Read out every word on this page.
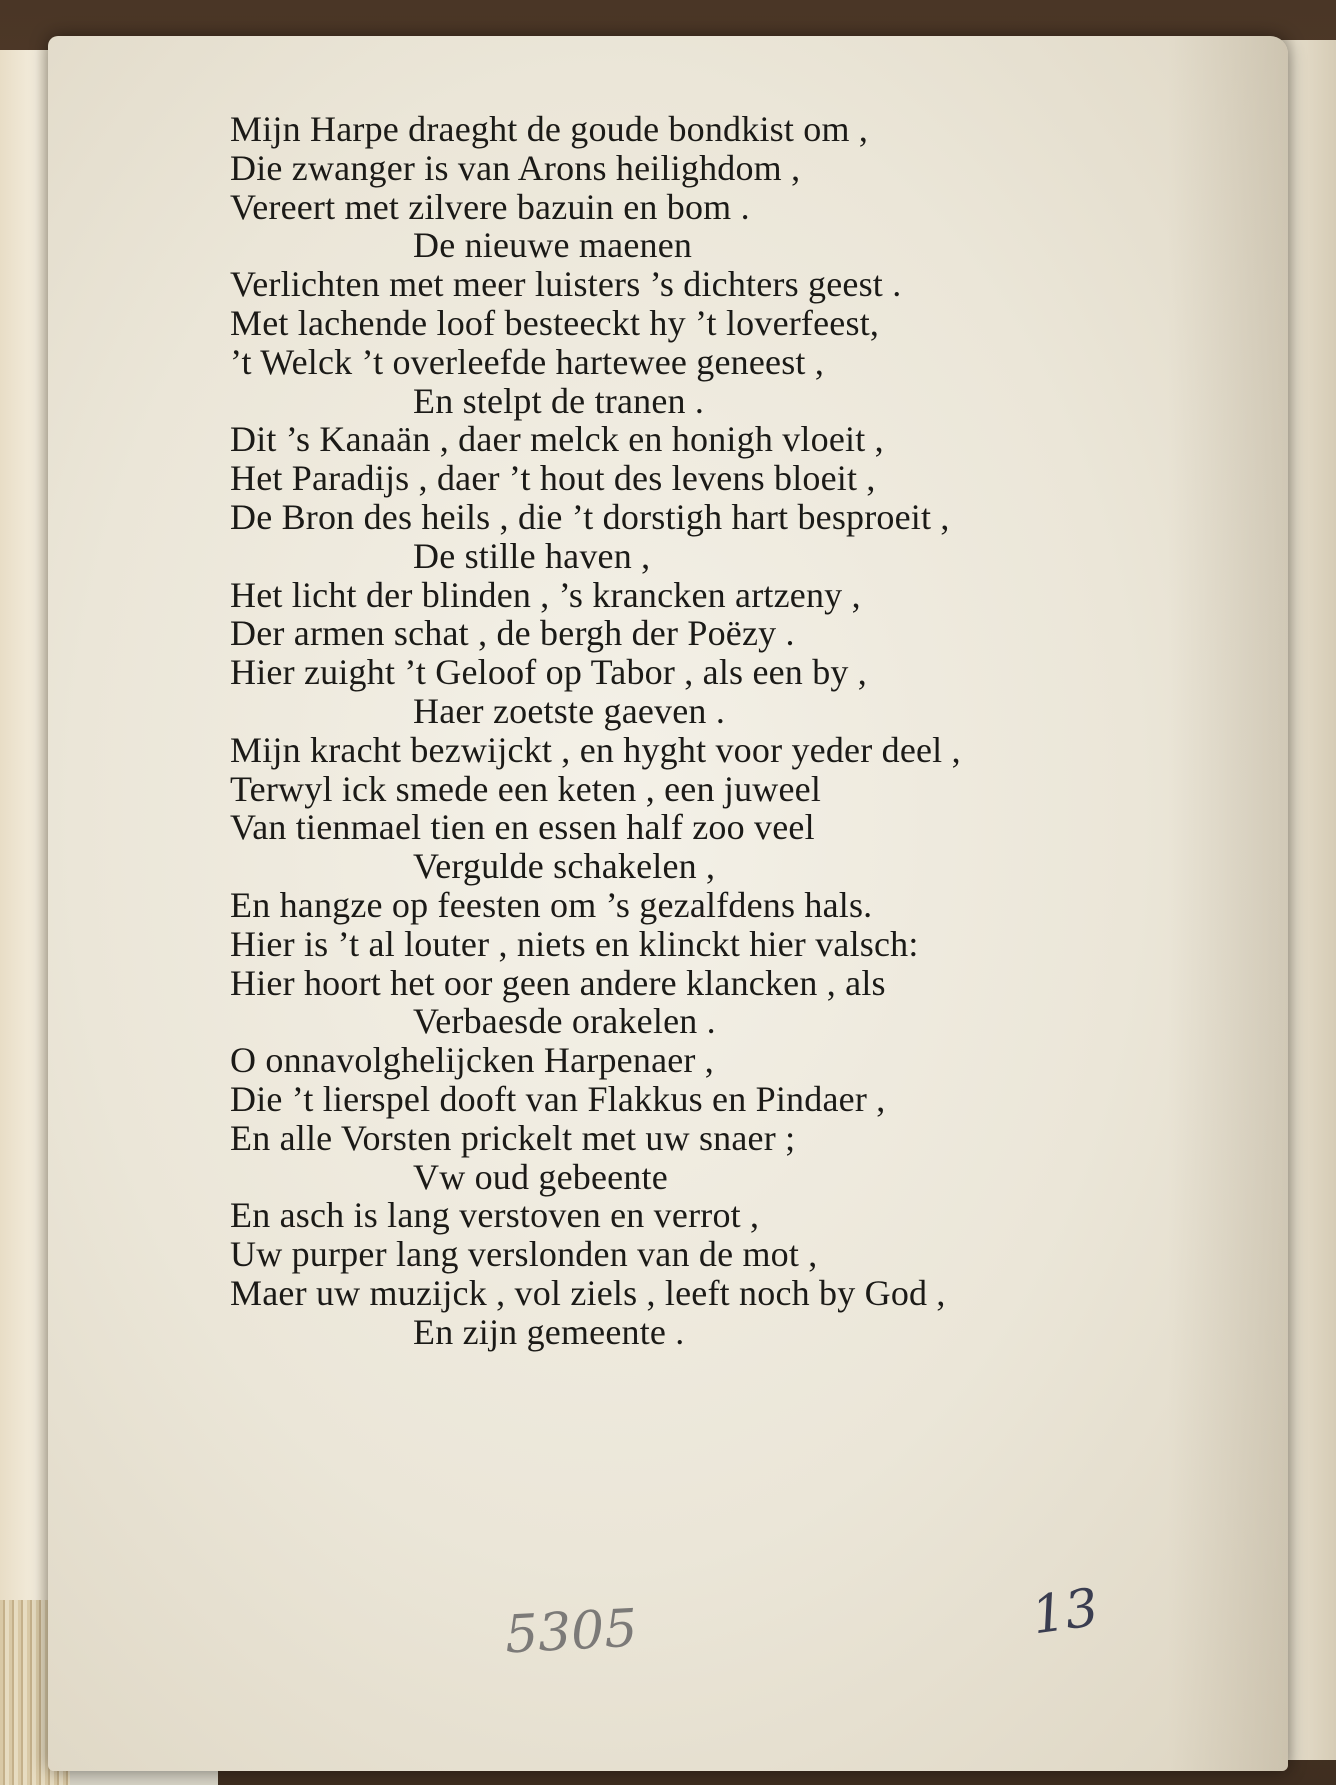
Mijn Harpe draeght de goude bondkist om ,
Die zwanger is van Arons heilighdom ,
Vereert met zilvere bazuin en bom .
De nieuwe maenen
Verlichten met meer luisters ’s dichters geest .
Met lachende loof besteeckt hy ’t loverfeest,
’t Welck ’t overleefde hartewee geneest ,
En stelpt de tranen .
Dit ’s Kanaän , daer melck en honigh vloeit ,
Het Paradijs , daer ’t hout des levens bloeit ,
De Bron des heils , die ’t dorstigh hart besproeit ,
De stille haven ,
Het licht der blinden , ’s krancken artzeny ,
Der armen schat , de bergh der Poëzy .
Hier zuight ’t Geloof op Tabor , als een by ,
Haer zoetste gaeven .
Mijn kracht bezwijckt , en hyght voor yeder deel ,
Terwyl ick smede een keten , een juweel
Van tienmael tien en essen half zoo veel
Vergulde schakelen ,
En hangze op feesten om ’s gezalfdens hals.
Hier is ’t al louter , niets en klinckt hier valsch:
Hier hoort het oor geen andere klancken , als
Verbaesde orakelen .
O onnavolghelijcken Harpenaer ,
Die ’t lierspel dooft van Flakkus en Pindaer ,
En alle Vorsten prickelt met uw snaer ;
Vw oud gebeente
En asch is lang verstoven en verrot ,
Uw purper lang verslonden van de mot ,
Maer uw muzijck , vol ziels , leeft noch by God ,
En zijn gemeente .
5305	13
